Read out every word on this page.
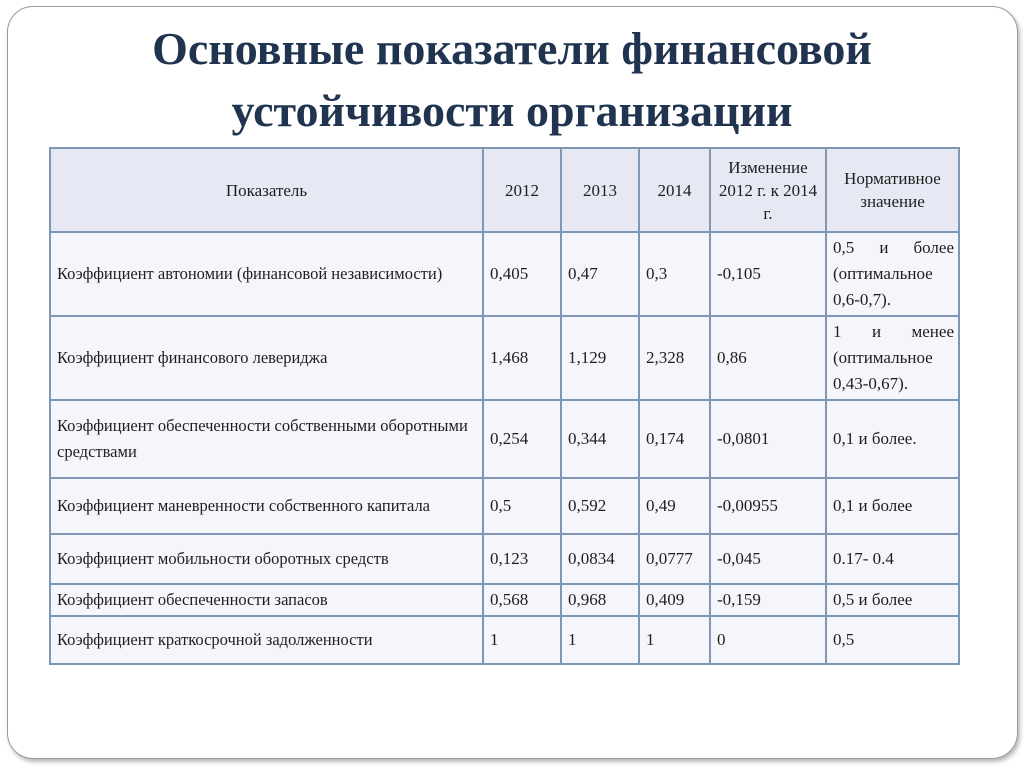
Основные показатели финансовой устойчивости организации
Показатель	2012	2013	2014	Изменение 2012 г. к 2014 г.	Нормативное значение
Коэффициент автономии (финансовой независимости)	0,405	0,47	0,3	-0,105	0,5 и более (оптимальное 0,6-0,7).
Коэффициент финансового левериджа	1,468	1,129	2,328	0,86	1 и менее (оптимальное 0,43-0,67).
Коэффициент обеспеченности собственными оборотными средствами	0,254	0,344	0,174	-0,0801	0,1 и более.
Коэффициент маневренности собственного капитала	0,5	0,592	0,49	-0,00955	0,1 и более
Коэффициент мобильности оборотных средств	0,123	0,0834	0,0777	-0,045	0.17- 0.4
Коэффициент обеспеченности запасов	0,568	0,968	0,409	-0,159	0,5 и более
Коэффициент краткосрочной задолженности	1	1	1	0	0,5
